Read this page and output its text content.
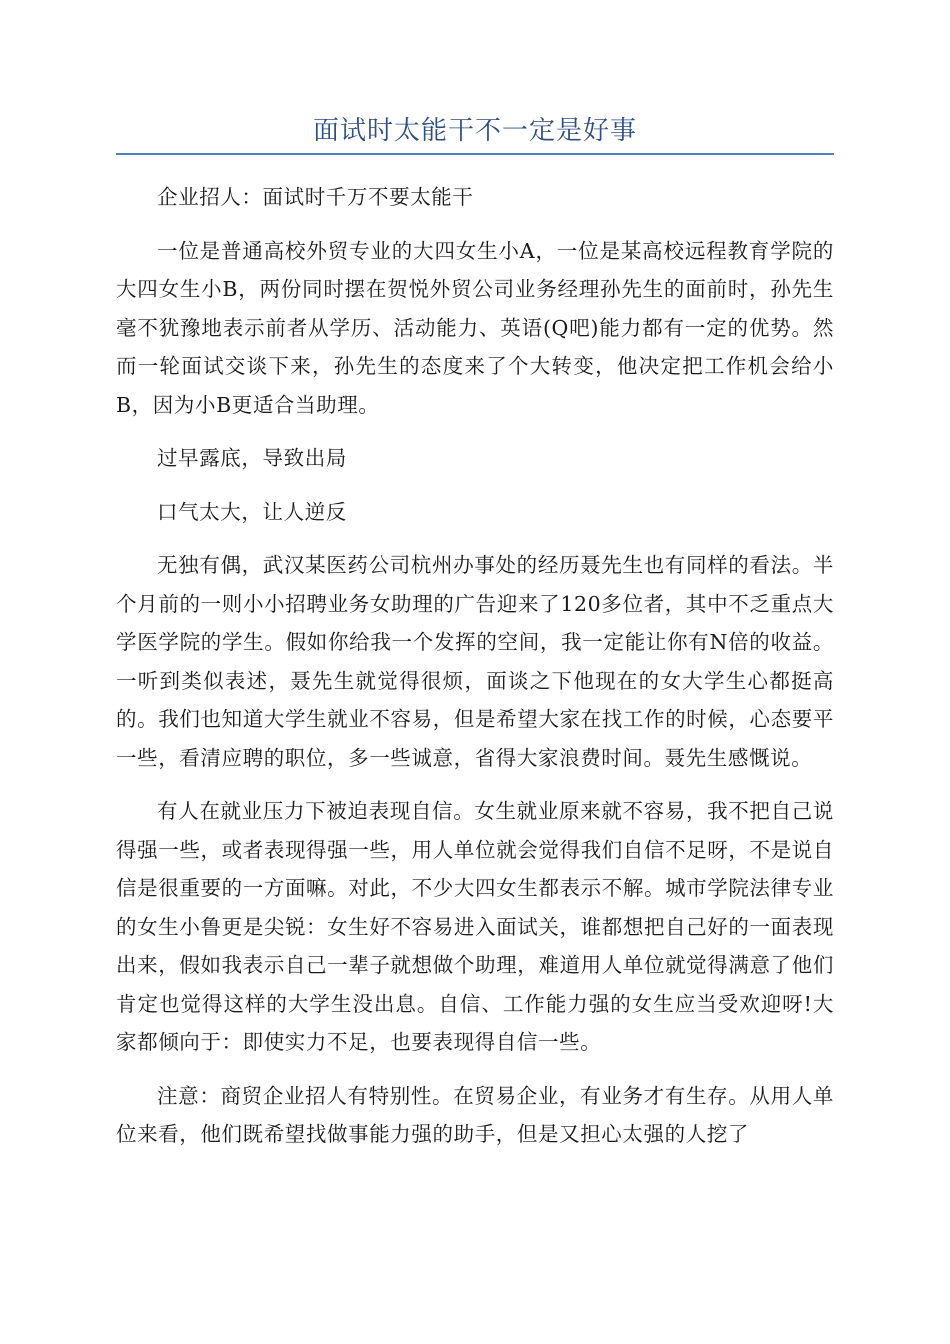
面试时太能干不一定是好事

企业招人：面试时千万不要太能干

一位是普通高校外贸专业的大四女生小A，一位是某高校远程教育学院的大四女生小B，两份同时摆在贺悦外贸公司业务经理孙先生的面前时，孙先生毫不犹豫地表示前者从学历、活动能力、英语(Q吧)能力都有一定的优势。然而一轮面试交谈下来，孙先生的态度来了个大转变，他决定把工作机会给小B，因为小B更适合当助理。

过早露底，导致出局

口气太大，让人逆反

无独有偶，武汉某医药公司杭州办事处的经历聂先生也有同样的看法。半个月前的一则小小招聘业务女助理的广告迎来了120多位者，其中不乏重点大学医学院的学生。假如你给我一个发挥的空间，我一定能让你有N倍的收益。一听到类似表述，聂先生就觉得很烦，面谈之下他现在的女大学生心都挺高的。我们也知道大学生就业不容易，但是希望大家在找工作的时候，心态要平一些，看清应聘的职位，多一些诚意，省得大家浪费时间。聂先生感慨说。

有人在就业压力下被迫表现自信。女生就业原来就不容易，我不把自己说得强一些，或者表现得强一些，用人单位就会觉得我们自信不足呀，不是说自信是很重要的一方面嘛。对此，不少大四女生都表示不解。城市学院法律专业的女生小鲁更是尖锐：女生好不容易进入面试关，谁都想把自己好的一面表现出来，假如我表示自己一辈子就想做个助理，难道用人单位就觉得满意了他们肯定也觉得这样的大学生没出息。自信、工作能力强的女生应当受欢迎呀!大家都倾向于：即使实力不足，也要表现得自信一些。

注意：商贸企业招人有特别性。在贸易企业，有业务才有生存。从用人单位来看，他们既希望找做事能力强的助手，但是又担心太强的人挖了
